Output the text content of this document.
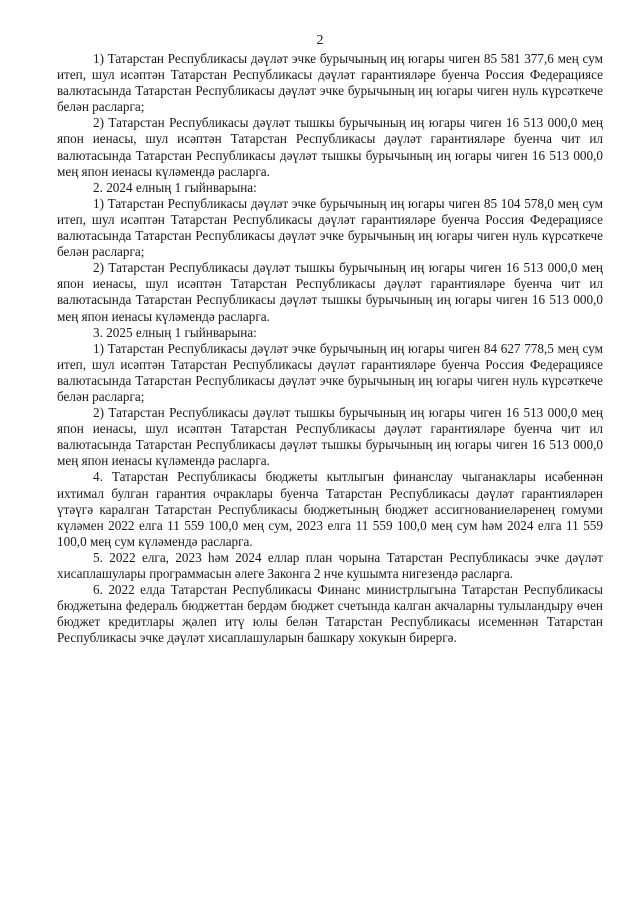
2

1) Татарстан Республикасы дәүләт эчке бурычының иң югары чиген 85 581 377,6 мең сум итеп, шул исәптән Татарстан Республикасы дәүләт гарантияләре буенча Россия Федерациясе валютасында Татарстан Республикасы дәүләт эчке бурычының иң югары чиген нуль күрсәткече белән расларга;

2) Татарстан Республикасы дәүләт тышкы бурычының иң югары чиген 16 513 000,0 мең япон иенасы, шул исәптән Татарстан Республикасы дәүләт гарантияләре буенча чит ил валютасында Татарстан Республикасы дәүләт тышкы бурычының иң югары чиген 16 513 000,0 мең япон иенасы күләмендә расларга.

2. 2024 елның 1 гыйнварына:

1) Татарстан Республикасы дәүләт эчке бурычының иң югары чиген 85 104 578,0 мең сум итеп, шул исәптән Татарстан Республикасы дәүләт гарантияләре буенча Россия Федерациясе валютасында Татарстан Республикасы дәүләт эчке бурычының иң югары чиген нуль күрсәткече белән расларга;

2) Татарстан Республикасы дәүләт тышкы бурычының иң югары чиген 16 513 000,0 мең япон иенасы, шул исәптән Татарстан Республикасы дәүләт гарантияләре буенча чит ил валютасында Татарстан Республикасы дәүләт тышкы бурычының иң югары чиген 16 513 000,0 мең япон иенасы күләмендә расларга.

3. 2025 елның 1 гыйнварына:

1) Татарстан Республикасы дәүләт эчке бурычының иң югары чиген 84 627 778,5 мең сум итеп, шул исәптән Татарстан Республикасы дәүләт гарантияләре буенча Россия Федерациясе валютасында Татарстан Республикасы дәүләт эчке бурычының иң югары чиген нуль күрсәткече белән расларга;

2) Татарстан Республикасы дәүләт тышкы бурычының иң югары чиген 16 513 000,0 мең япон иенасы, шул исәптән Татарстан Республикасы дәүләт гарантияләре буенча чит ил валютасында Татарстан Республикасы дәүләт тышкы бурычының иң югары чиген 16 513 000,0 мең япон иенасы күләмендә расларга.

4. Татарстан Республикасы бюджеты кытлыгын финанслау чыганаклары исәбеннән ихтимал булган гарантия очраклары буенча Татарстан Республикасы дәүләт гарантияләрен үтәүгә каралган Татарстан Республикасы бюджетының бюджет ассигнованиеләренең гомуми күләмен 2022 елга 11 559 100,0 мең сум, 2023 елга 11 559 100,0 мең сум һәм 2024 елга 11 559 100,0 мең сум күләмендә расларга.

5. 2022 елга, 2023 һәм 2024 еллар план чорына Татарстан Республикасы эчке дәүләт хисаплашулары программасын әлеге Законга 2 нче кушымта нигезендә расларга.

6. 2022 елда Татарстан Республикасы Финанс министрлыгына Татарстан Республикасы бюджетына федераль бюджеттан бердәм бюджет счетында калган акчаларны тулыландыру өчен бюджет кредитлары җәлеп итү юлы белән Татарстан Республикасы исеменнән Татарстан Республикасы эчке дәүләт хисаплашуларын башкару хокукын бирергә.
